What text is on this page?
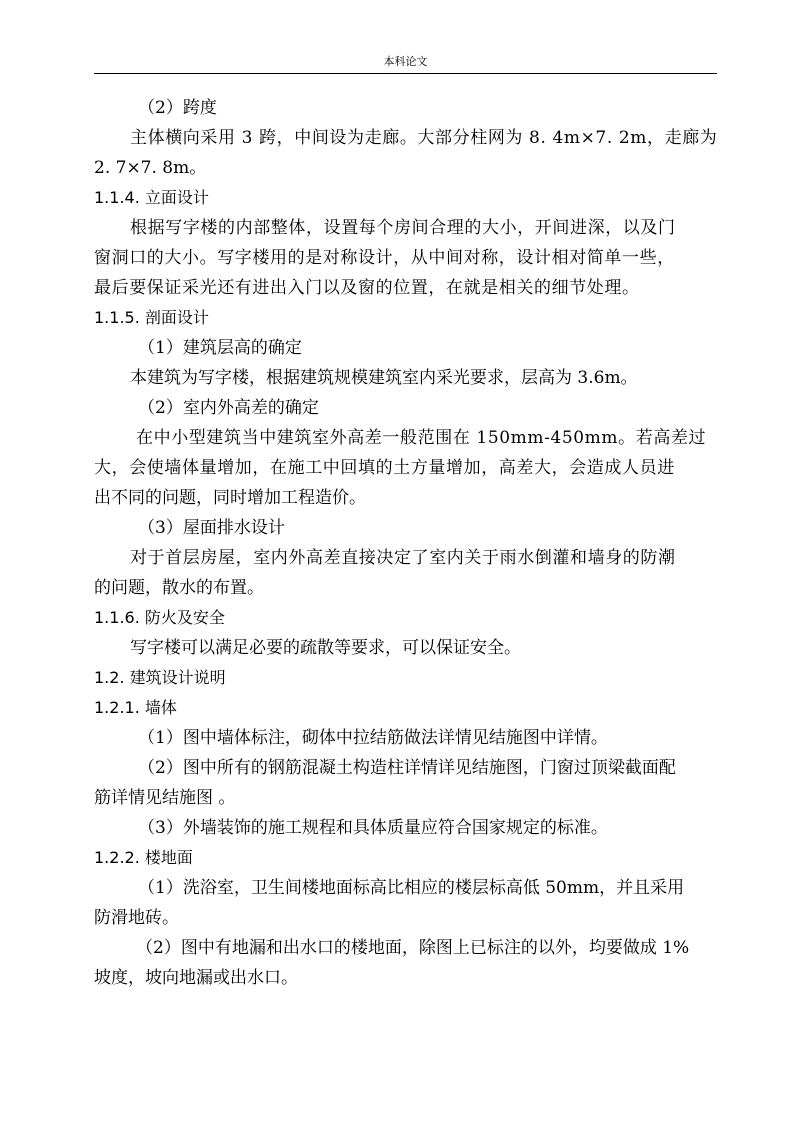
本科论文
（2）跨度
主体横向采用 3 跨，中间设为走廊。大部分柱网为 8. 4m×7. 2m，走廊为
2. 7×7. 8m。
1.1.4. 立面设计
根据写字楼的内部整体，设置每个房间合理的大小，开间进深，以及门
窗洞口的大小。写字楼用的是对称设计，从中间对称，设计相对简单一些，
最后要保证采光还有进出入门以及窗的位置，在就是相关的细节处理。
1.1.5. 剖面设计
（1）建筑层高的确定
本建筑为写字楼，根据建筑规模建筑室内采光要求，层高为 3.6m。
（2）室内外高差的确定
在中小型建筑当中建筑室外高差一般范围在 150mm-450mm。若高差过
大，会使墙体量增加，在施工中回填的土方量增加，高差大，会造成人员进
出不同的问题，同时增加工程造价。
（3）屋面排水设计
对于首层房屋，室内外高差直接决定了室内关于雨水倒灌和墙身的防潮
的问题，散水的布置。
1.1.6. 防火及安全
写字楼可以满足必要的疏散等要求，可以保证安全。
1.2. 建筑设计说明
1.2.1. 墙体
（1）图中墙体标注，砌体中拉结筋做法详情见结施图中详情。
（2）图中所有的钢筋混凝土构造柱详情详见结施图，门窗过顶梁截面配
筋详情见结施图 。
（3）外墙装饰的施工规程和具体质量应符合国家规定的标准。
1.2.2. 楼地面
（1）洗浴室，卫生间楼地面标高比相应的楼层标高低 50mm，并且采用
防滑地砖。
（2）图中有地漏和出水口的楼地面，除图上已标注的以外，均要做成 1%
坡度，坡向地漏或出水口。
